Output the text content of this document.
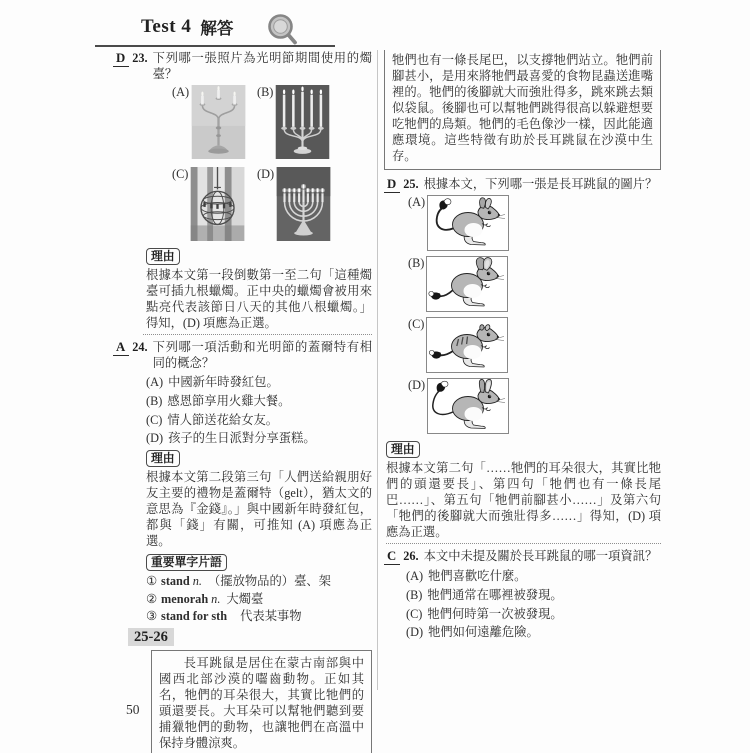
Test 4 解答
D 23. 下列哪一張照片為光明節期間使用的燭臺？
(A)	(B)
(C)	(D)
理由

根據本文第一段倒數第一至二句「這種燭臺可插九根蠟燭。正中央的蠟燭會被用來點亮代表該節日八天的其他八根蠟燭。」得知，(D) 項應為正選。

A 24. 下列哪一項活動和光明節的蓋爾特有相同的概念？
(A) 中國新年時發紅包。
(B) 感恩節享用火雞大餐。
(C) 情人節送花給女友。
(D) 孩子的生日派對分享蛋糕。
理由

根據本文第二段第三句「人們送給親朋好友主要的禮物是蓋爾特（gelt），猶太文的意思為『金錢』。」與中國新年時發紅包，都與「錢」有關，可推知 (A) 項應為正選。

重要單字片語
① stand n. （擺放物品的）臺、架
② menorah n. 大燭臺
③ stand for sth 代表某事物
25-26

長耳跳鼠是居住在蒙古南部與中國西北部沙漠的囓齒動物。正如其名，牠們的耳朵很大，其實比牠們的頭還要長。大耳朵可以幫牠們聽到要捕獵牠們的動物，也讓牠們在高溫中保持身體涼爽。

牠們也有一條長尾巴，以支撐牠們站立。牠們前腳甚小，是用來將牠們最喜愛的食物昆蟲送進嘴裡的。牠們的後腳就大而強壯得多，跳來跳去類似袋鼠。後腳也可以幫牠們跳得很高以躲避想要吃牠們的鳥類。牠們的毛色像沙一樣，因此能適應環境。這些特徵有助於長耳跳鼠在沙漠中生存。

D 25. 根據本文，下列哪一張是長耳跳鼠的圖片？
(A)
(B)
(C)
(D)
理由

根據本文第二句「……牠們的耳朵很大，其實比牠們的頭還要長」、第四句「牠們也有一條長尾巴……」、第五句「牠們前腳甚小……」及第六句「牠們的後腳就大而強壯得多……」得知，(D) 項應為正選。

C 26. 本文中未提及關於長耳跳鼠的哪一項資訊？
(A) 牠們喜歡吃什麼。
(B) 牠們通常在哪裡被發現。
(C) 牠們何時第一次被發現。
(D) 牠們如何遠離危險。
50
